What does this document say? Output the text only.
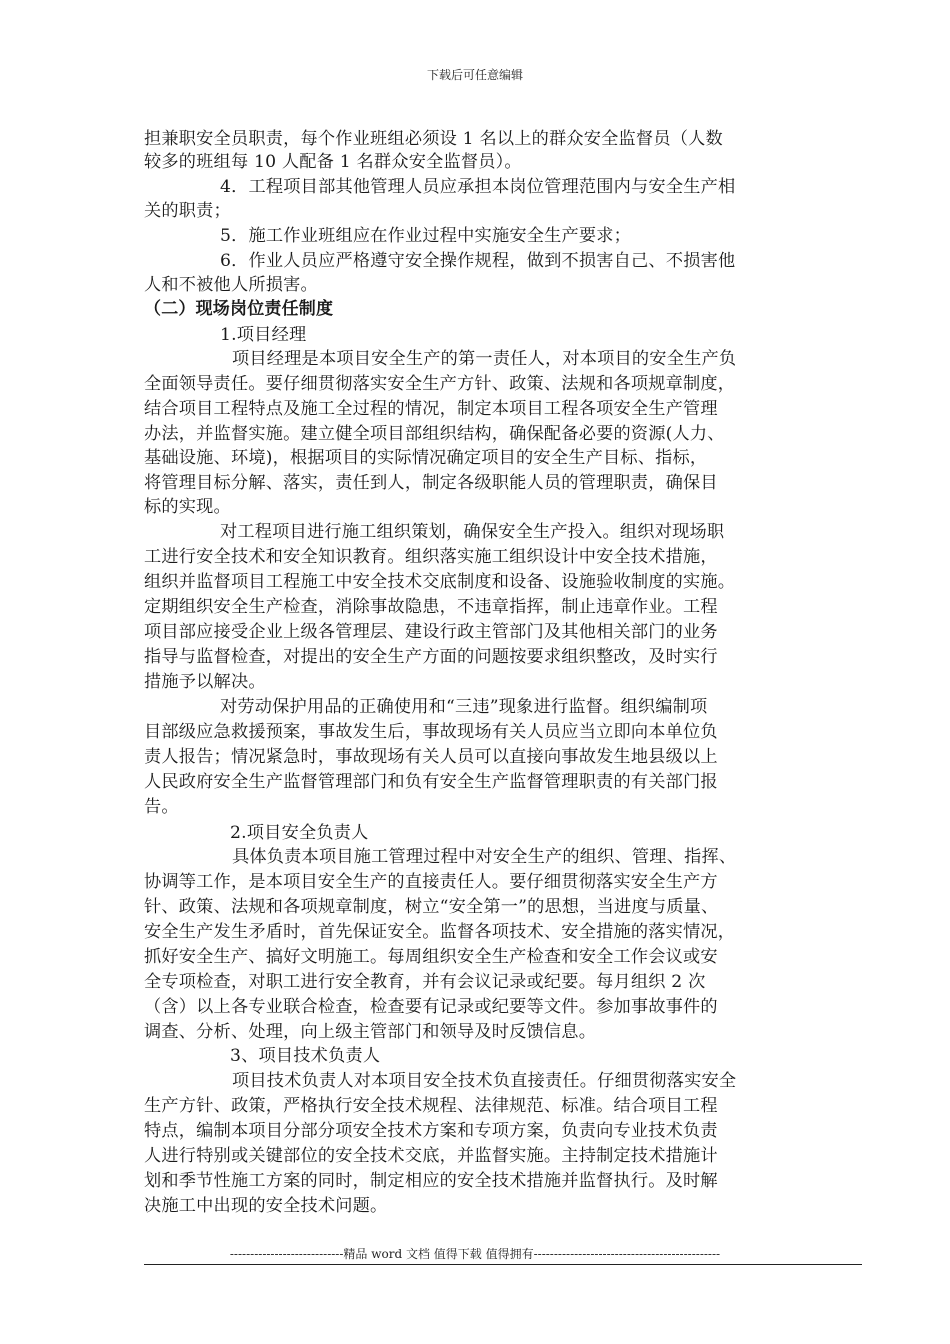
下载后可任意编辑
担兼职安全员职责，每个作业班组必须设 1 名以上的群众安全监督员（人数
较多的班组每 10 人配备 1 名群众安全监督员）。
4．工程项目部其他管理人员应承担本岗位管理范围内与安全生产相
关的职责；
5．施工作业班组应在作业过程中实施安全生产要求；
6．作业人员应严格遵守安全操作规程，做到不损害自己、不损害他
人和不被他人所损害。
（二）现场岗位责任制度
1.项目经理
项目经理是本项目安全生产的第一责任人，对本项目的安全生产负
全面领导责任。要仔细贯彻落实安全生产方针、政策、法规和各项规章制度，
结合项目工程特点及施工全过程的情况，制定本项目工程各项安全生产管理
办法，并监督实施。建立健全项目部组织结构，确保配备必要的资源(人力、
基础设施、环境)，根据项目的实际情况确定项目的安全生产目标、指标，
将管理目标分解、落实，责任到人，制定各级职能人员的管理职责，确保目
标的实现。
对工程项目进行施工组织策划，确保安全生产投入。组织对现场职
工进行安全技术和安全知识教育。组织落实施工组织设计中安全技术措施，
组织并监督项目工程施工中安全技术交底制度和设备、设施验收制度的实施。
定期组织安全生产检查，消除事故隐患，不违章指挥，制止违章作业。工程
项目部应接受企业上级各管理层、建设行政主管部门及其他相关部门的业务
指导与监督检查，对提出的安全生产方面的问题按要求组织整改，及时实行
措施予以解决。
对劳动保护用品的正确使用和“三违”现象进行监督。组织编制项
目部级应急救援预案，事故发生后，事故现场有关人员应当立即向本单位负
责人报告；情况紧急时，事故现场有关人员可以直接向事故发生地县级以上
人民政府安全生产监督管理部门和负有安全生产监督管理职责的有关部门报
告。
2.项目安全负责人
具体负责本项目施工管理过程中对安全生产的组织、管理、指挥、
协调等工作，是本项目安全生产的直接责任人。要仔细贯彻落实安全生产方
针、政策、法规和各项规章制度，树立“安全第一”的思想，当进度与质量、
安全生产发生矛盾时，首先保证安全。监督各项技术、安全措施的落实情况，
抓好安全生产、搞好文明施工。每周组织安全生产检查和安全工作会议或安
全专项检查，对职工进行安全教育，并有会议记录或纪要。每月组织 2 次
（含）以上各专业联合检查，检查要有记录或纪要等文件。参加事故事件的
调查、分析、处理，向上级主管部门和领导及时反馈信息。
3、项目技术负责人
项目技术负责人对本项目安全技术负直接责任。仔细贯彻落实安全
生产方针、政策，严格执行安全技术规程、法律规范、标准。结合项目工程
特点，编制本项目分部分项安全技术方案和专项方案，负责向专业技术负责
人进行特别或关键部位的安全技术交底，并监督实施。主持制定技术措施计
划和季节性施工方案的同时，制定相应的安全技术措施并监督执行。及时解
决施工中出现的安全技术问题。
----------------------------精品 word 文档 值得下载 值得拥有----------------------------------------------
